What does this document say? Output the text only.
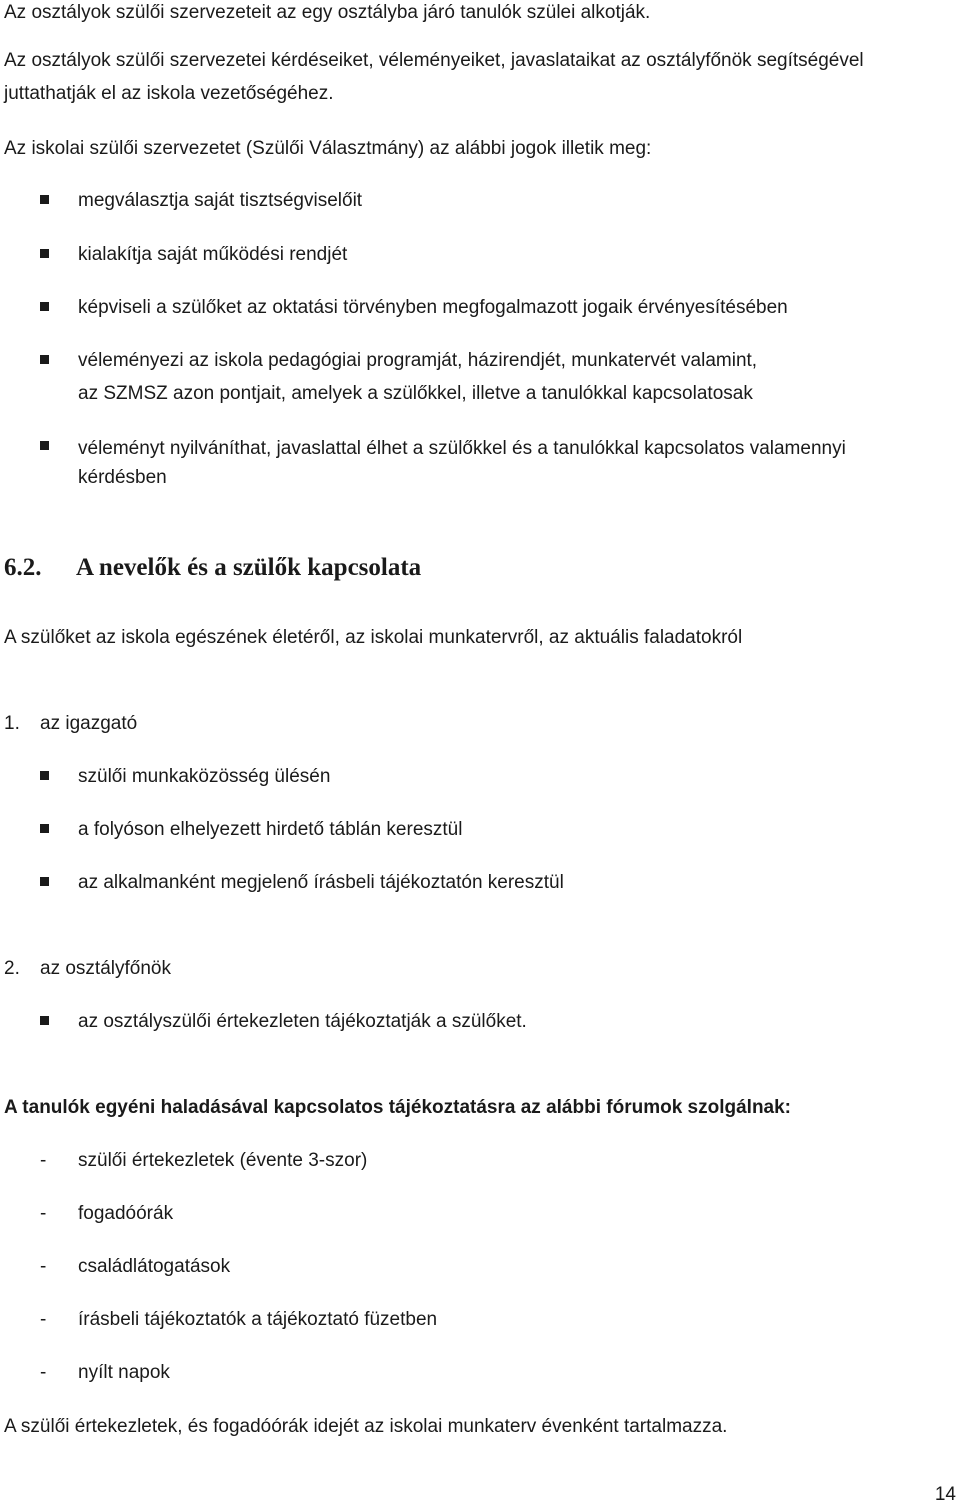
Az osztályok szülői szervezeteit az egy osztályba járó tanulók szülei alkotják.
Az osztályok szülői szervezetei kérdéseiket, véleményeiket, javaslataikat az osztályfőnök segítségével
juttathatják el az iskola vezetőségéhez.
Az iskolai szülői szervezetet (Szülői Választmány) az alábbi jogok illetik meg:
megválasztja saját tisztségviselőit
kialakítja saját működési rendjét
képviseli a szülőket az oktatási törvényben megfogalmazott jogaik érvényesítésében
véleményezi az iskola pedagógiai programját, házirendjét, munkatervét valamint,
az SZMSZ azon pontjait, amelyek a szülőkkel, illetve a tanulókkal kapcsolatosak
véleményt nyilváníthat, javaslattal élhet a szülőkkel és a tanulókkal kapcsolatos valamennyi kérdésben
6.2. A nevelők és a szülők kapcsolata
A szülőket az iskola egészének életéről, az iskolai munkatervről, az aktuális faladatokról
1. az igazgató
szülői munkaközösség ülésén
a folyóson elhelyezett hirdető táblán keresztül
az alkalmanként megjelenő írásbeli tájékoztatón keresztül
2. az osztályfőnök
az osztályszülői értekezleten tájékoztatják a szülőket.
A tanulók egyéni haladásával kapcsolatos tájékoztatásra az alábbi fórumok szolgálnak:
- szülői értekezletek (évente 3-szor)
- fogadóórák
- családlátogatások
- írásbeli tájékoztatók a tájékoztató füzetben
- nyílt napok
A szülői értekezletek, és fogadóórák idejét az iskolai munkaterv évenként tartalmazza.
14
